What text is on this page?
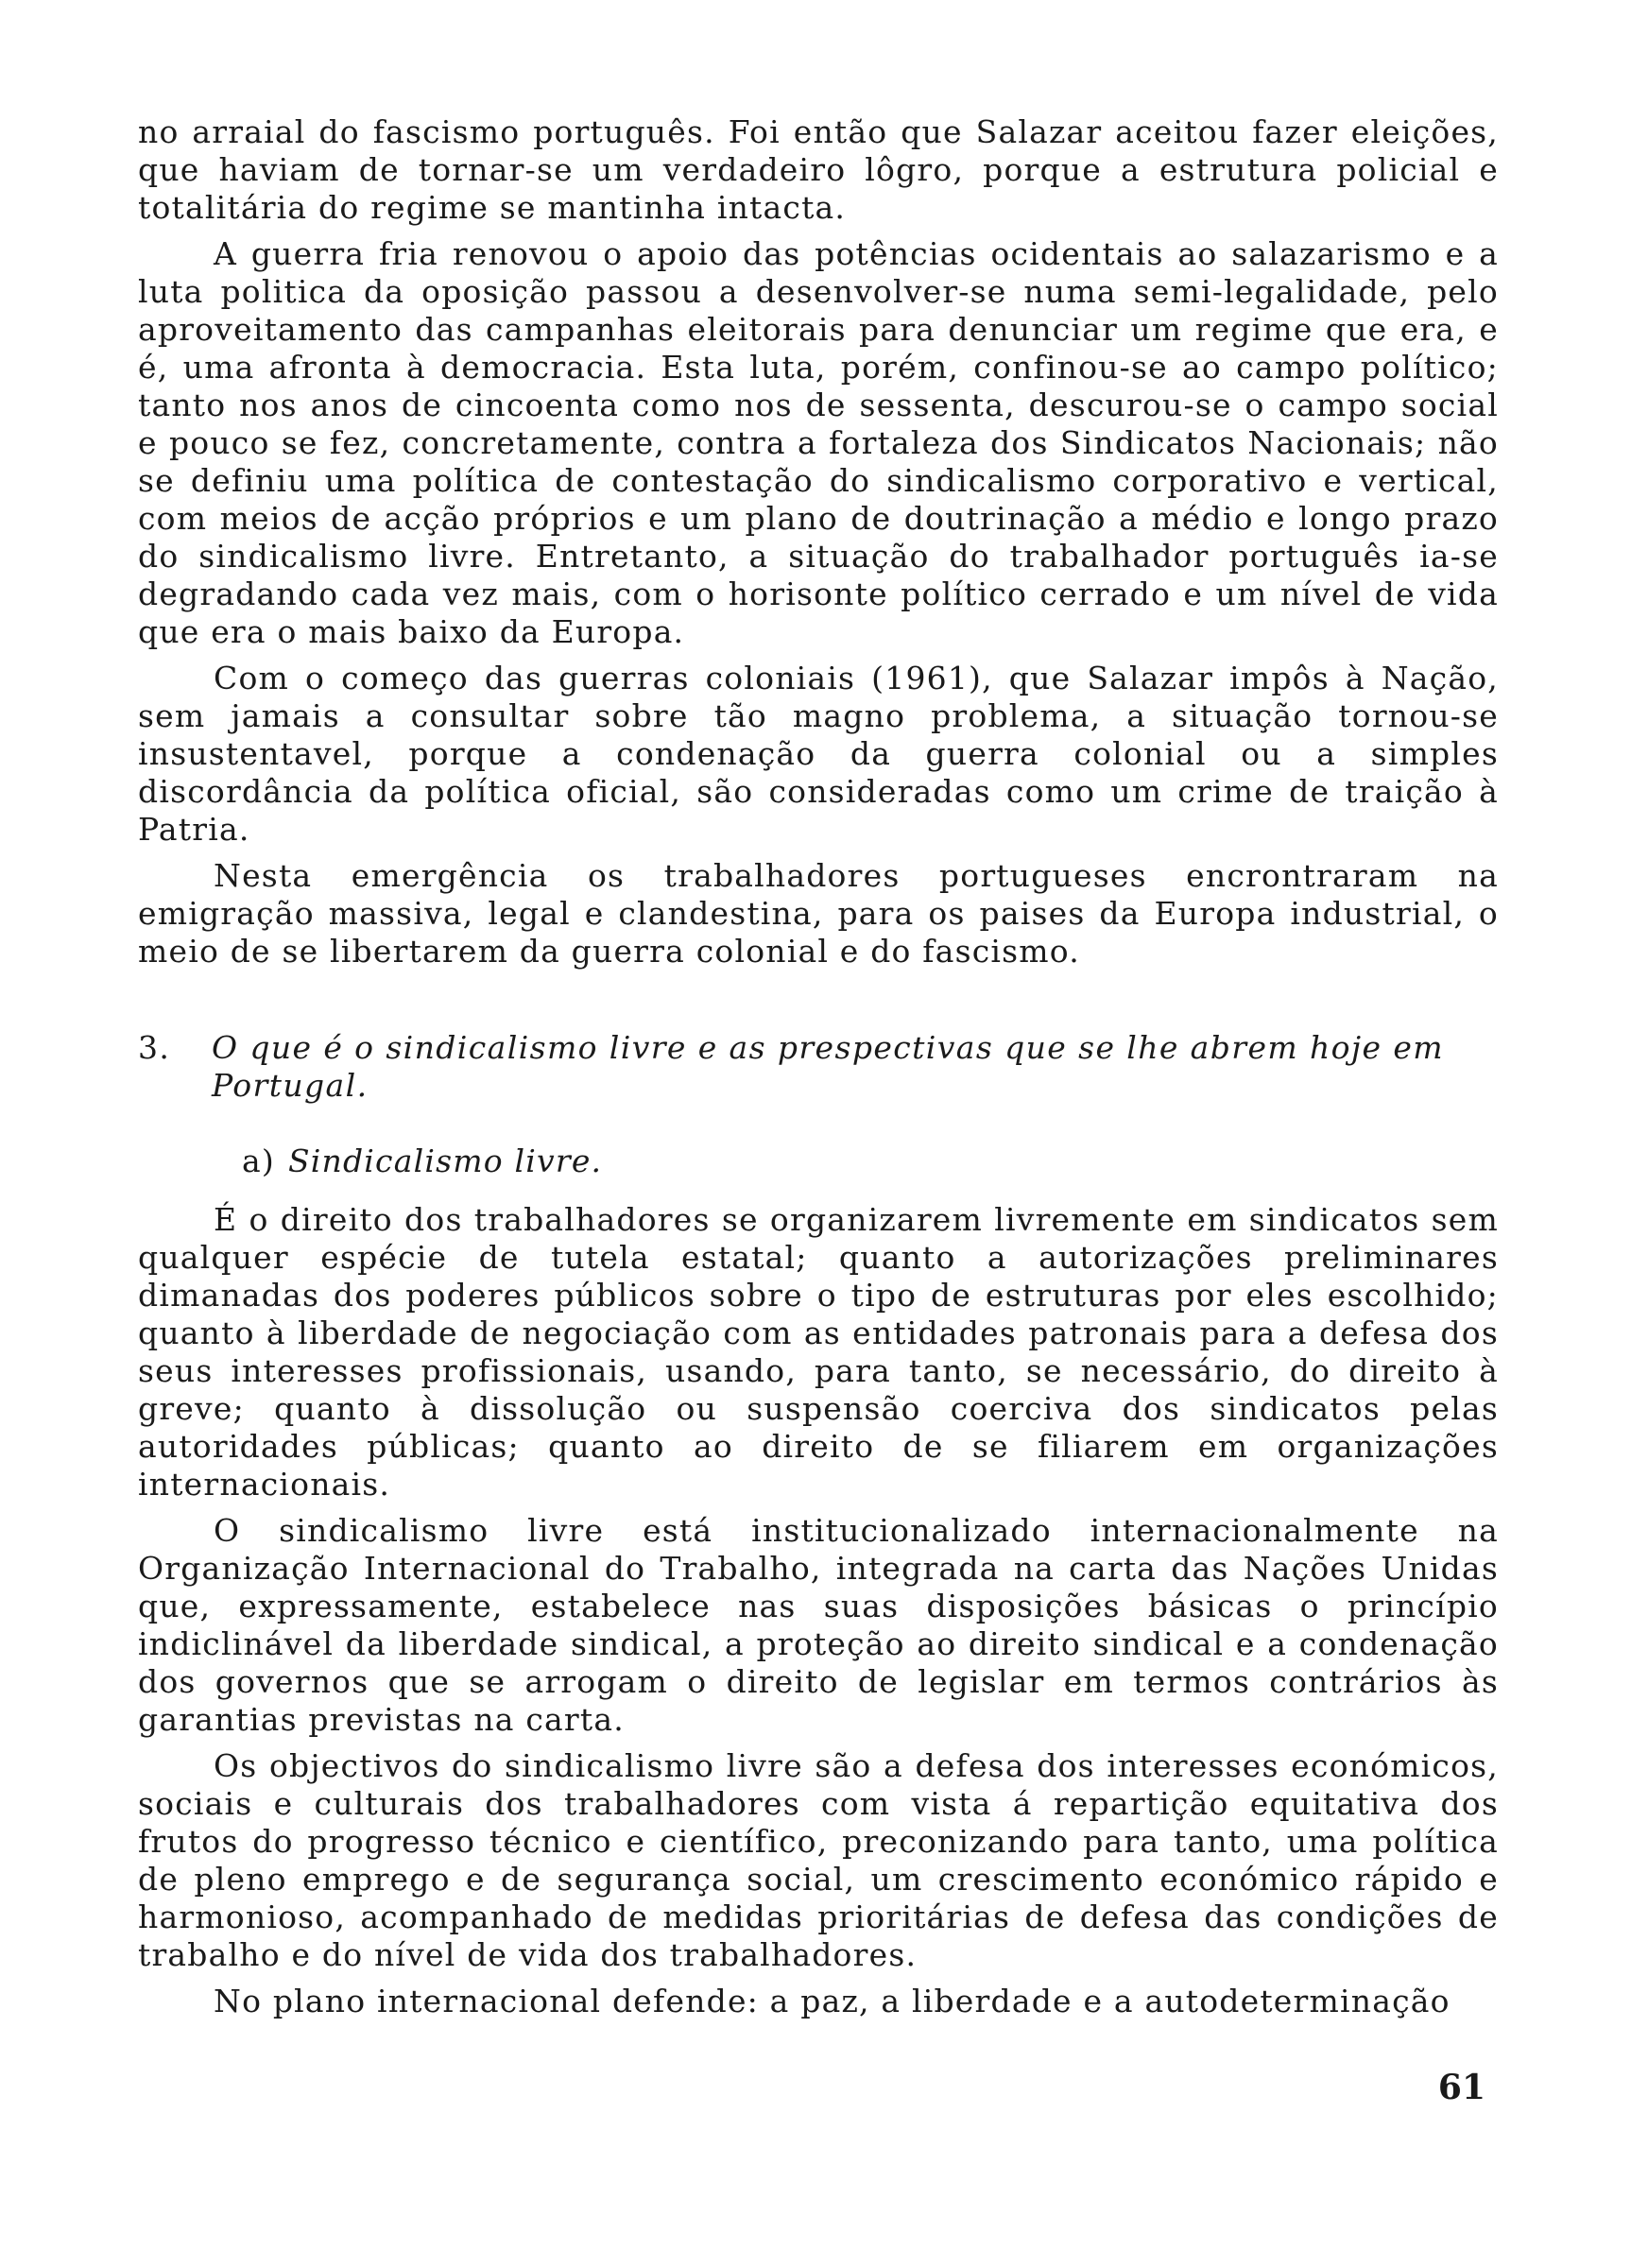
no arraial do fascismo português. Foi então que Salazar aceitou fazer eleições, que haviam de tornar-se um verdadeiro lôgro, porque a estrutura policial e totalitária do regime se mantinha intacta.

A guerra fria renovou o apoio das potências ocidentais ao salazarismo e a luta politica da oposição passou a desenvolver-se numa semi-legalidade, pelo aproveitamento das campanhas eleitorais para denunciar um regime que era, e é, uma afronta à democracia. Esta luta, porém, confinou-se ao campo político; tanto nos anos de cincoenta como nos de sessenta, descurou-se o campo social e pouco se fez, concretamente, contra a fortaleza dos Sindicatos Nacionais; não se definiu uma política de contestação do sindicalismo corporativo e vertical, com meios de acção próprios e um plano de doutrinação a médio e longo prazo do sindicalismo livre. Entretanto, a situação do trabalhador português ia-se degradando cada vez mais, com o horisonte político cerrado e um nível de vida que era o mais baixo da Europa.

Com o começo das guerras coloniais (1961), que Salazar impôs à Nação, sem jamais a consultar sobre tão magno problema, a situação tornou-se insustentavel, porque a condenação da guerra colonial ou a simples discordância da política oficial, são consideradas como um crime de traição à Patria.

Nesta emergência os trabalhadores portugueses encrontraram na emigração massiva, legal e clandestina, para os paises da Europa industrial, o meio de se libertarem da guerra colonial e do fascismo.

3.	O que é o sindicalismo livre e as prespectivas que se lhe abrem hoje em Portugal.
a) Sindicalismo livre.

É o direito dos trabalhadores se organizarem livremente em sindicatos sem qualquer espécie de tutela estatal; quanto a autorizações preliminares dimanadas dos poderes públicos sobre o tipo de estruturas por eles escolhido; quanto à liberdade de negociação com as entidades patronais para a defesa dos seus interesses profissionais, usando, para tanto, se necessário, do direito à greve; quanto à dissolução ou suspensão coerciva dos sindicatos pelas autoridades públicas; quanto ao direito de se filiarem em organizações internacionais.

O sindicalismo livre está institucionalizado internacionalmente na Organização Internacional do Trabalho, integrada na carta das Nações Unidas que, expressamente, estabelece nas suas disposições básicas o princípio indiclinável da liberdade sindical, a proteção ao direito sindical e a condenação dos governos que se arrogam o direito de legislar em termos contrários às garantias previstas na carta.

Os objectivos do sindicalismo livre são a defesa dos interesses económicos, sociais e culturais dos trabalhadores com vista á repartição equitativa dos frutos do progresso técnico e científico, preconizando para tanto, uma política de pleno emprego e de segurança social, um crescimento económico rápido e harmonioso, acompanhado de medidas prioritárias de defesa das condições de trabalho e do nível de vida dos trabalhadores.

No plano internacional defende: a paz, a liberdade e a autodeterminação

61
